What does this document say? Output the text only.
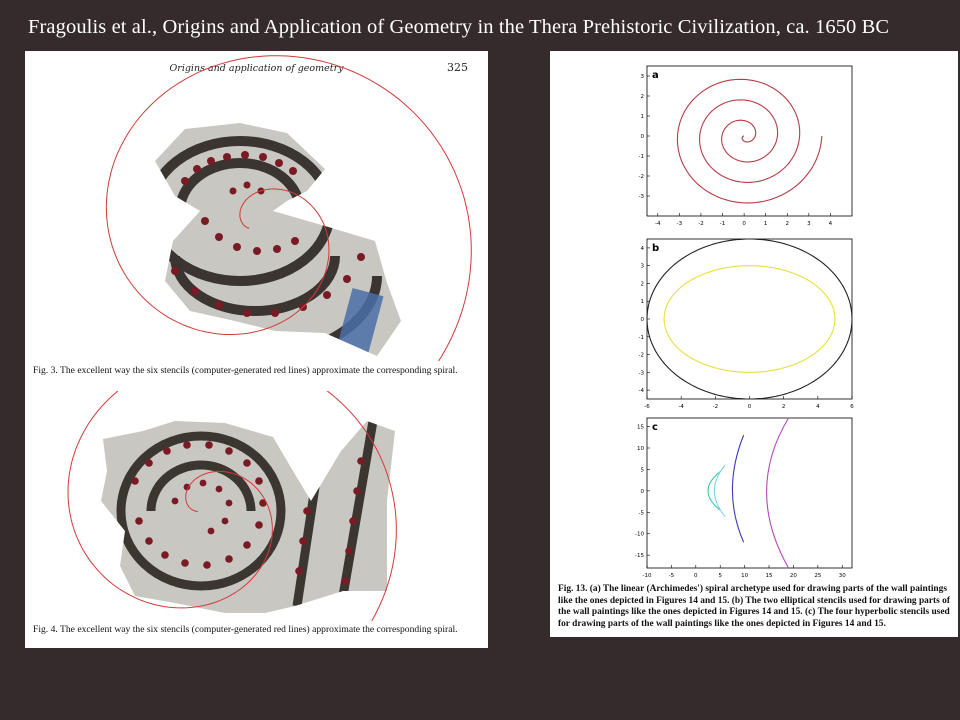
Fragoulis et al., Origins and Application of Geometry in the Thera Prehistoric Civilization, ca. 1650 BC
Origins and application of geometry	325
Fig. 3. The excellent way the six stencils (computer-generated red lines) approximate the corresponding spiral.
Fig. 4. The excellent way the six stencils (computer-generated red lines) approximate the corresponding spiral.
a
-4	-3	-2	-1	0	1	2	3	4
3
2
1
0
-1
-2
-3
b
-6	-4	-2	0	2	4	6
4
3
2
1
0
-1
-2
-3
-4
c
-10	-5	0	5	10	15	20	25	30
15
10
5
0
-5
-10
-15
Fig. 13. (a) The linear (Archimedes') spiral archetype used for drawing parts of the wall paintings like the ones depicted in Figures 14 and 15. (b) The two elliptical stencils used for drawing parts of the wall paintings like the ones depicted in Figures 14 and 15. (c) The four hyperbolic stencils used for drawing parts of the wall paintings like the ones depicted in Figures 14 and 15.
